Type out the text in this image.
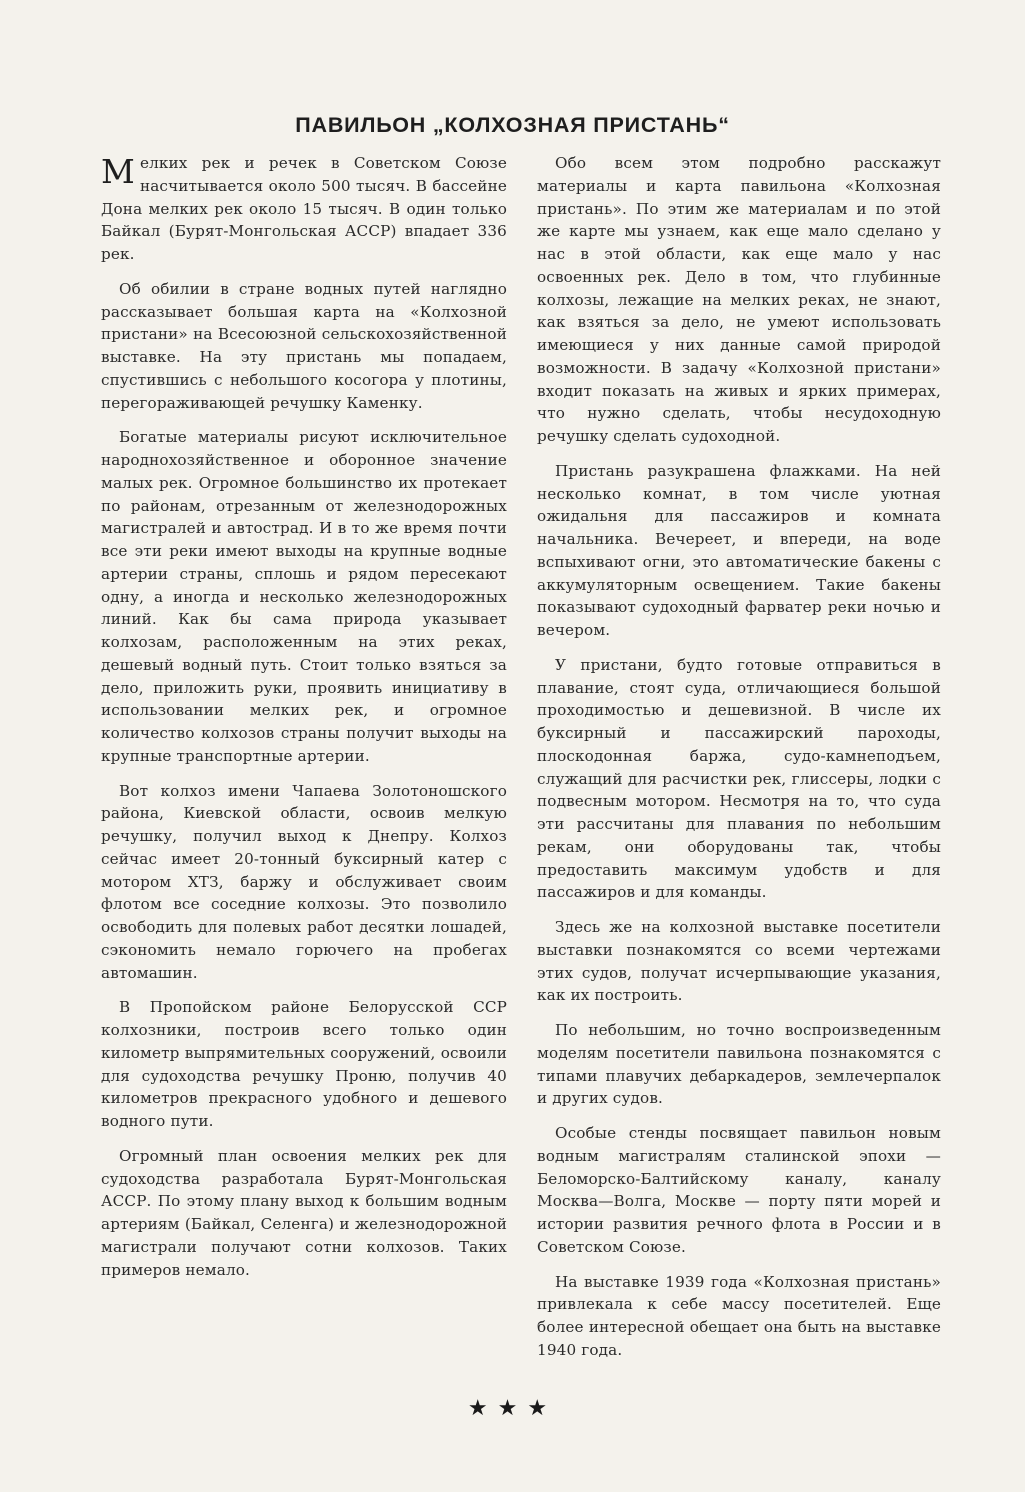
ПАВИЛЬОН „КОЛХОЗНАЯ ПРИСТАНЬ“

Мелких рек и речек в Советском Союзе насчитывается около 500 тысяч. В бассейне Дона мелких рек около 15 тысяч. В один только Байкал (Бурят-Монгольская АССР) впадает 336 рек.

Об обилии в стране водных путей наглядно рассказывает большая карта на «Колхозной пристани» на Всесоюзной сельскохозяйственной выставке. На эту пристань мы попадаем, спустившись с небольшого косогора у плотины, перегораживающей речушку Каменку.

Богатые материалы рисуют исключительное народнохозяйственное и оборонное значение малых рек. Огромное большинство их протекает по районам, отрезанным от железнодорожных магистралей и автострад. И в то же время почти все эти реки имеют выходы на крупные водные артерии страны, сплошь и рядом пересекают одну, а иногда и несколько железнодорожных линий. Как бы сама природа указывает колхозам, расположенным на этих реках, дешевый водный путь. Стоит только взяться за дело, приложить руки, проявить инициативу в использовании мелких рек, и огромное количество колхозов страны получит выходы на крупные транспортные артерии.

Вот колхоз имени Чапаева Золотоношского района, Киевской области, освоив мелкую речушку, получил выход к Днепру. Колхоз сейчас имеет 20-тонный буксирный катер с мотором ХТЗ, баржу и обслуживает своим флотом все соседние колхозы. Это позволило освободить для полевых работ десятки лошадей, сэкономить немало горючего на пробегах автомашин.

В Пропойском районе Белорусской ССР колхозники, построив всего только один километр выпрямительных сооружений, освоили для судоходства речушку Проню, получив 40 километров прекрасного удобного и дешевого водного пути.

Огромный план освоения мелких рек для судоходства разработала Бурят-Монгольская АССР. По этому плану выход к большим водным артериям (Байкал, Селенга) и железнодорожной магистрали получают сотни колхозов. Таких примеров немало.

Обо всем этом подробно расскажут материалы и карта павильона «Колхозная пристань». По этим же материалам и по этой же карте мы узнаем, как еще мало сделано у нас в этой области, как еще мало у нас освоенных рек. Дело в том, что глубинные колхозы, лежащие на мелких реках, не знают, как взяться за дело, не умеют использовать имеющиеся у них данные самой природой возможности. В задачу «Колхозной пристани» входит показать на живых и ярких примерах, что нужно сделать, чтобы несудоходную речушку сделать судоходной.

Пристань разукрашена флажками. На ней несколько комнат, в том числе уютная ожидальня для пассажиров и комната начальника. Вечереет, и впереди, на воде вспыхивают огни, это автоматические бакены с аккумуляторным освещением. Такие бакены показывают судоходный фарватер реки ночью и вечером.

У пристани, будто готовые отправиться в плавание, стоят суда, отличающиеся большой проходимостью и дешевизной. В числе их буксирный и пассажирский пароходы, плоскодонная баржа, судо-камнеподъем, служащий для расчистки рек, глиссеры, лодки с подвесным мотором. Несмотря на то, что суда эти рассчитаны для плавания по небольшим рекам, они оборудованы так, чтобы предоставить максимум удобств и для пассажиров и для команды.

Здесь же на колхозной выставке посетители выставки познакомятся со всеми чертежами этих судов, получат исчерпывающие указания, как их построить.

По небольшим, но точно воспроизведенным моделям посетители павильона познакомятся с типами плавучих дебаркадеров, землечерпалок и других судов.

Особые стенды посвящает павильон новым водным магистралям сталинской эпохи — Беломорско-Балтийскому каналу, каналу Москва—Волга, Москве — порту пяти морей и истории развития речного флота в России и в Советском Союзе.

На выставке 1939 года «Колхозная пристань» привлекала к себе массу посетителей. Еще более интересной обещает она быть на выставке 1940 года.

★★★
